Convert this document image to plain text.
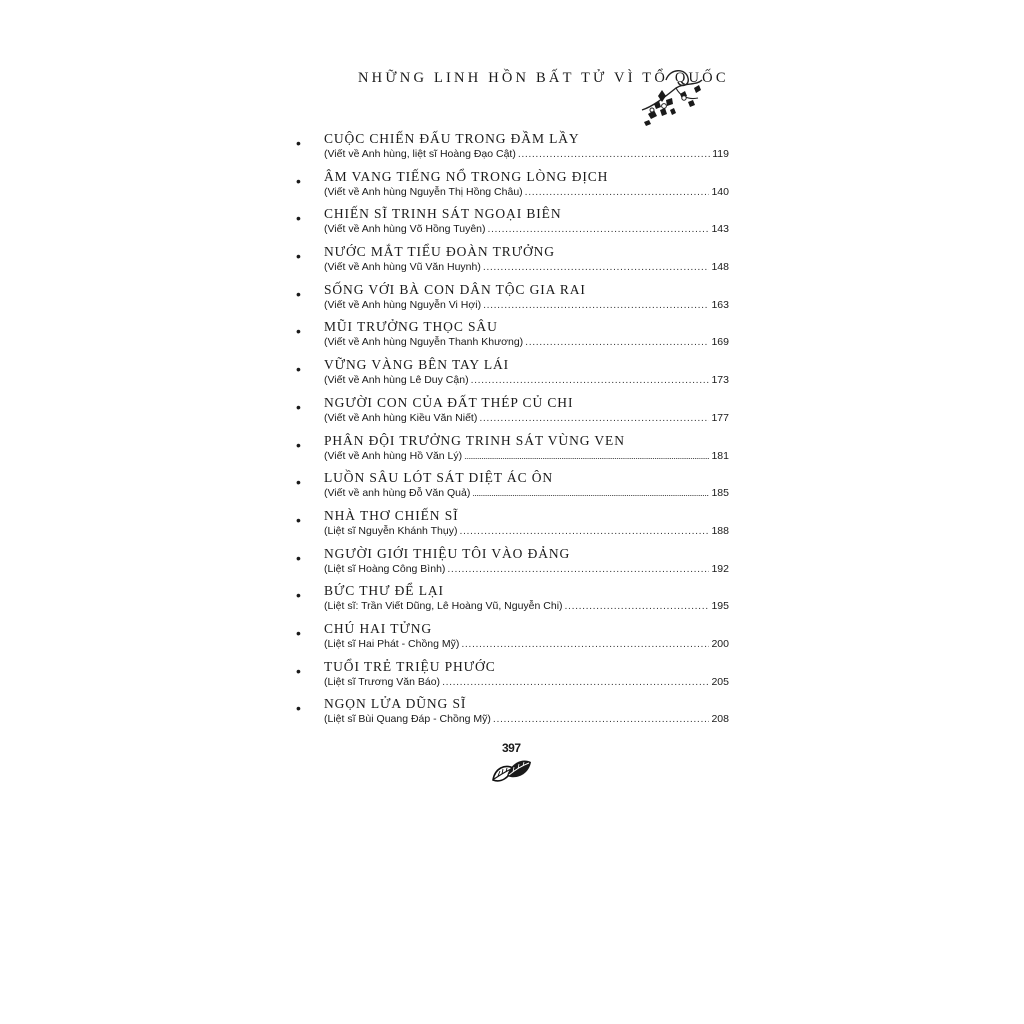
NHỮNG LINH HỒN BẤT TỬ VÌ TỔ QUỐC
• CUỘC CHIẾN ĐẤU TRONG ĐẦM LẦY
(Viết về Anh hùng, liệt sĩ Hoàng Đạo Cật) .....	119
• ÂM VANG TIẾNG NỔ TRONG LÒNG ĐỊCH
(Viết về Anh hùng Nguyễn Thị Hồng Châu) .....	140
• CHIẾN SĨ TRINH SÁT NGOẠI BIÊN
(Viết về Anh hùng Võ Hồng Tuyên) .....	143
• NƯỚC MẮT TIỂU ĐOÀN TRƯỞNG
(Viết về Anh hùng Vũ Văn Huynh) .....	148
• SỐNG VỚI BÀ CON DÂN TỘC GIA RAI
(Viết về Anh hùng Nguyễn Vi Hợi) .....	163
• MŨI TRƯỞNG THỌC SÂU
(Viết về Anh hùng Nguyễn Thanh Khương) .....	169
• VỮNG VÀNG BÊN TAY LÁI
(Viết về Anh hùng Lê Duy Cận) .....	173
• NGƯỜI CON CỦA ĐẤT THÉP CỦ CHI
(Viết về Anh hùng Kiều Văn Niết) .....	177
• PHÂN ĐỘI TRƯỞNG TRINH SÁT VÙNG VEN
(Viết về Anh hùng Hồ Văn Lý) .....	181
• LUỒN SÂU LÓT SÁT DIỆT ÁC ÔN
(Viết về anh hùng Đỗ Văn Quả) .....	185
• NHÀ THƠ CHIẾN SĨ
(Liệt sĩ Nguyễn Khánh Thụy) .....	188
• NGƯỜI GIỚI THIỆU TÔI VÀO ĐẢNG
(Liệt sĩ Hoàng Công Bình) .....	192
• BỨC THƯ ĐỂ LẠI
(Liệt sĩ: Trần Viết Dũng, Lê Hoàng Vũ, Nguyễn Chi) .....	195
• CHÚ HAI TỬNG
(Liệt sĩ Hai Phát - Chồng Mỹ) .....	200
• TUỔI TRẺ TRIỆU PHƯỚC
(Liệt sĩ Trương Văn Báo) .....	205
• NGỌN LỬA DŨNG SĨ
(Liệt sĩ Bùi Quang Đáp - Chồng Mỹ) .....	208
397
